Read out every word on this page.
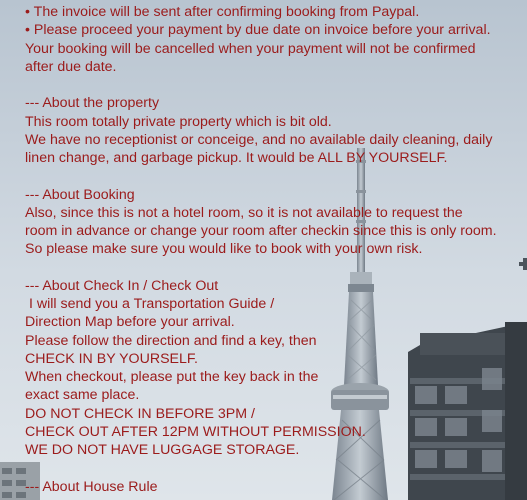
• The invoice will be sent after confirming booking from Paypal.
• Please proceed your payment by due date on invoice before your arrival.
Your booking will be cancelled when your payment will not be confirmed
after due date.
--- About the property
This room totally private property which is bit old.
We have no receptionist or conceige, and no available daily cleaning, daily
linen change, and garbage pickup. It would be ALL BY YOURSELF.
--- About Booking
Also, since this is not a hotel room, so it is not available to request the
room in advance or change your room after checkin since this is only room.
So please make sure you would like to book with your own risk.
--- About Check In / Check Out
I will send you a Transportation Guide /
Direction Map before your arrival.
Please follow the direction and find a key, then
CHECK IN BY YOURSELF.
When checkout, please put the key back in the
exact same place.
DO NOT CHECK IN BEFORE 3PM /
CHECK OUT AFTER 12PM WITHOUT PERMISSION.
WE DO NOT HAVE LUGGAGE STORAGE.
--- About House Rule
